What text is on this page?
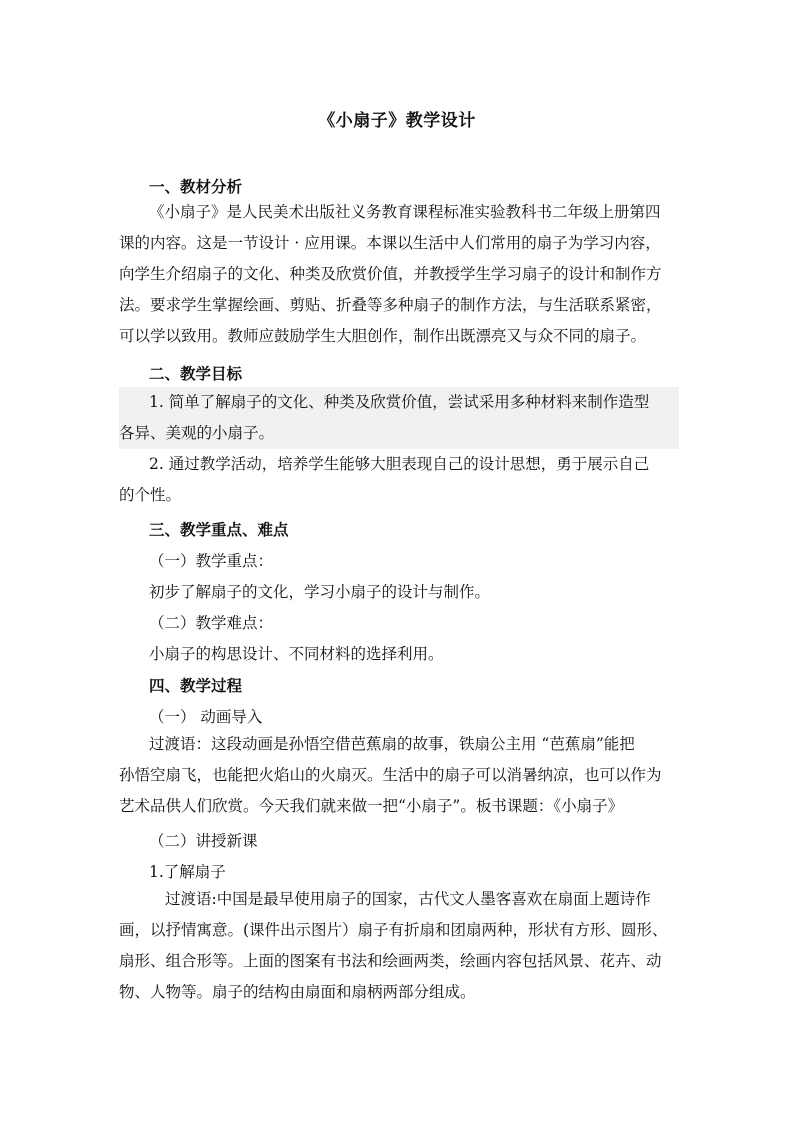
《小扇子》教学设计
一、教材分析
《小扇子》是人民美术出版社义务教育课程标准实验教科书二年级上册第四
课的内容。这是一节设计 · 应用课。本课以生活中人们常用的扇子为学习内容，
向学生介绍扇子的文化、种类及欣赏价值，并教授学生学习扇子的设计和制作方
法。要求学生掌握绘画、剪贴、折叠等多种扇子的制作方法，与生活联系紧密，
可以学以致用。教师应鼓励学生大胆创作，制作出既漂亮又与众不同的扇子。
二、教学目标
1. 简单了解扇子的文化、种类及欣赏价值，尝试采用多种材料来制作造型
各异、美观的小扇子。
2. 通过教学活动，培养学生能够大胆表现自己的设计思想，勇于展示自己
的个性。
三、教学重点、难点
（一）教学重点：
初步了解扇子的文化，学习小扇子的设计与制作。
（二）教学难点：
小扇子的构思设计、不同材料的选择利用。
四、教学过程
（一） 动画导入
过渡语：这段动画是孙悟空借芭蕉扇的故事，铁扇公主用 “芭蕉扇”能把
孙悟空扇飞，也能把火焰山的火扇灭。生活中的扇子可以消暑纳凉，也可以作为
艺术品供人们欣赏。今天我们就来做一把“小扇子”。板书课题：《小扇子》
（二）讲授新课
1.了解扇子
过渡语:中国是最早使用扇子的国家，古代文人墨客喜欢在扇面上题诗作
画，以抒情寓意。(课件出示图片）扇子有折扇和团扇两种，形状有方形、圆形、
扇形、组合形等。上面的图案有书法和绘画两类，绘画内容包括风景、花卉、动
物、人物等。扇子的结构由扇面和扇柄两部分组成。
